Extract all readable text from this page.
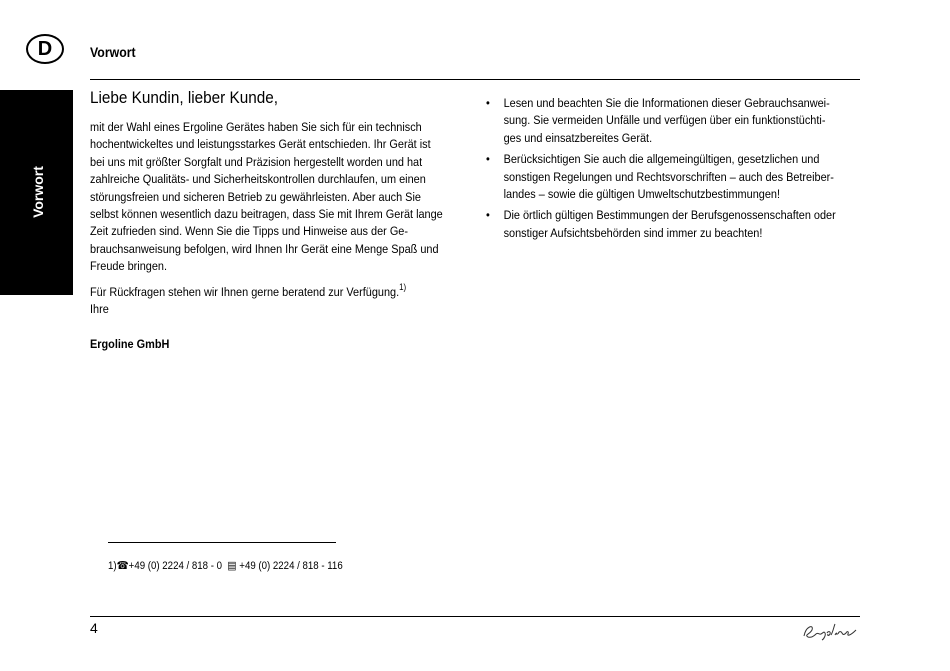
D	Vorwort
Vorwort
Liebe Kundin, lieber Kunde,

mit der Wahl eines Ergoline Gerätes haben Sie sich für ein technisch

hochentwickeltes und leistungsstarkes Gerät entschieden. Ihr Gerät ist

bei uns mit größter Sorgfalt und Präzision hergestellt worden und hat

zahlreiche Qualitäts- und Sicherheitskontrollen durchlaufen, um einen

störungsfreien und sicheren Betrieb zu gewährleisten. Aber auch Sie

selbst können wesentlich dazu beitragen, dass Sie mit Ihrem Gerät lange

Zeit zufrieden sind. Wenn Sie die Tipps und Hinweise aus der Ge-

brauchsanweisung befolgen, wird Ihnen Ihr Gerät eine Menge Spaß und

Freude bringen.

Für Rückfragen stehen wir Ihnen gerne beratend zur Verfügung.$^{1)}$

Ihre
Ergoline GmbH
• Lesen und beachten Sie die Informationen dieser Gebrauchsanwei-
sung. Sie vermeiden Unfälle und verfügen über ein funktionstüchti-
ges und einsatzbereites Gerät.
• Berücksichtigen Sie auch die allgemeingültigen, gesetzlichen und
sonstigen Regelungen und Rechtsvorschriften – auch des Betreiber-
landes – sowie die gültigen Umweltschutzbestimmungen!
• Die örtlich gültigen Bestimmungen der Berufsgenossenschaften oder
sonstiger Aufsichtsbehörden sind immer zu beachten!
1)☎+49 (0) 2224 / 818 - 0 ▤ +49 (0) 2224 / 818 - 116
4
